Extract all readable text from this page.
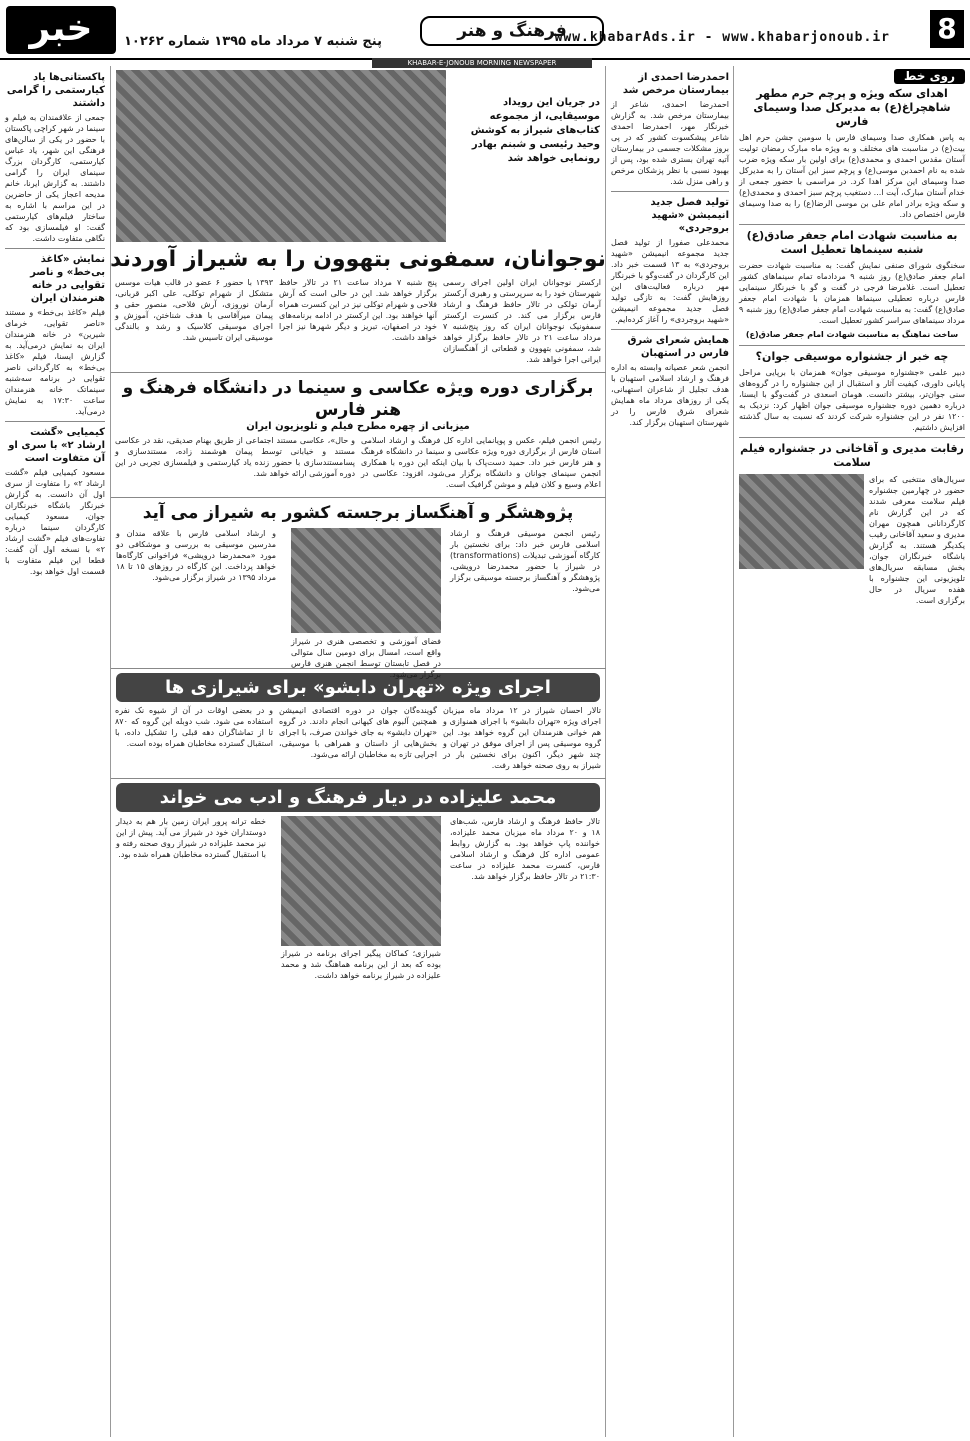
8
www.khabarAds.ir - www.khabarjonoub.ir
فرهنگ و هنر
پنج شنبه ۷ مرداد ماه ۱۳۹۵ شماره ۱۰۲۶۲
خبر
KHABAR-E-JONOUB MORNING NEWSPAPER
روی خط
اهدای سکه ویژه و پرچم حرم مطهر شاهچراغ(ع) به مدیرکل صدا وسیمای فارس
به پاس همکاری صدا وسیمای فارس با سومین جشن حرم اهل بیت(ع) در مناسبت های مختلف و به ویژه ماه مبارک رمضان تولیت آستان مقدس احمدی و محمدی(ع) برای اولین بار سکه ویژه ضرب شده به نام احمدبن موسی(ع) و پرچم سبز این آستان را به مدیرکل صدا وسیمای این مرکز اهدا کرد. در مراسمی با حضور جمعی از خدام آستان مبارک، آیت ا... دستغیب پرچم سبز احمدی و محمدی(ع) و سکه ویژه برادر امام علی بن موسی الرضا(ع) را به صدا وسیمای فارس اختصاص داد.
به مناسبت شهادت امام جعفر صادق(ع) شنبه سینماها تعطیل است
سخنگوی شورای صنفی نمایش گفت: به مناسبت شهادت حضرت امام جعفر صادق(ع) روز شنبه ۹ مردادماه تمام سینماهای کشور تعطیل است. غلامرضا فرجی در گفت و گو با خبرنگار سینمایی فارس درباره تعطیلی سینماها همزمان با شهادت امام جعفر صادق(ع) گفت: به مناسبت شهادت امام جعفر صادق(ع) روز شنبه ۹ مرداد سینماهای سراسر کشور تعطیل است.
ساخت نماهنگ به مناسبت شهادت امام جعفر صادق(ع)
چه خبر از جشنواره موسیقی جوان؟
دبیر علمی «جشنواره موسیقی جوان» همزمان با برپایی مراحل پایانی داوری، کیفیت آثار و استقبال از این جشنواره را در گروه‌های سنی جوان‌تر، بیشتر دانست. هومان اسعدی در گفت‌وگو با ایسنا، درباره دهمین دوره جشنواره موسیقی جوان اظهار کرد: نزدیک به ۱۲۰۰ نفر در این جشنواره شرکت کردند که نسبت به سال گذشته افزایش داشتیم.
رقابت مدیری و آقاخانی در جشنواره فیلم سلامت
سریال‌های منتخبی که برای حضور در چهارمین جشنواره فیلم سلامت معرفی شدند که در این گزارش نام کارگردانانی همچون مهران مدیری و سعید آقاخانی رقیب یکدیگر هستند. به گزارش باشگاه خبرنگاران جوان، بخش مسابقه سریال‌های تلویزیونی این جشنواره با هفده سریال در حال برگزاری است.
احمدرضا احمدی از بیمارستان مرخص شد
احمدرضا احمدی، شاعر از بیمارستان مرخص شد. به گزارش خبرنگار مهر، احمدرضا احمدی شاعر پیشکسوت کشور که در پی بروز مشکلات جسمی در بیمارستان آتیه تهران بستری شده بود، پس از بهبود نسبی با نظر پزشکان مرخص و راهی منزل شد.
تولید فصل جدید انیمیشن «شهید بروجردی»
محمدعلی صفورا از تولید فصل جدید مجموعه انیمیشن «شهید بروجردی» به ۱۳ قسمت خبر داد. این کارگردان در گفت‌وگو با خبرنگار مهر درباره فعالیت‌های این روزهایش گفت: به تازگی تولید فصل جدید مجموعه انیمیشن «شهید بروجردی» را آغاز کرده‌ایم.
همایش شعرای شرق فارس در استهبان
انجمن شعر عصیانه وابسته به اداره فرهنگ و ارشاد اسلامی استهبان با هدف تجلیل از شاعران استهبانی، یکی از روزهای مرداد ماه همایش شعرای شرق فارس را در شهرستان استهبان برگزار کند.
در جریان این رویداد موسیقایی، از مجموعه کتاب‌های شیراز به کوشش وحید رئیسی و شبنم بهادر رونمایی خواهد شد
نوجوانان، سمفونی بتهوون را به شیراز آوردند
ارکستر نوجوانان ایران اولین اجرای رسمی شهرستان خود را به سرپرستی و رهبری آرکستر آرمان تولکی در تالار حافظ فرهنگ و ارشاد فارس برگزار می کند. در کنسرت ارکستر سمفونیک نوجوانان ایران که روز پنج‌شنبه ۷ مرداد ساعت ۲۱ در تالار حافظ برگزار خواهد شد، سمفونی بتهوون و قطعاتی از آهنگسازان ایرانی اجرا خواهد شد.
پنج شنبه ۷ مرداد ساعت ۲۱ در تالار حافظ برگزار خواهد شد. این در حالی است که آرش فلاحی و شهرام توکلی نیز در این کنسرت همراه آنها خواهند بود. این ارکستر در ادامه برنامه‌های خود در اصفهان، تبریز و دیگر شهرها نیز اجرا خواهد داشت.
۱۳۹۳ با حضور ۶ عضو در قالب هیات موسس متشکل از شهرام توکلی، علی اکبر قربانی، آرمان نوروزی، آرش فلاحی، منصور حقی و پیمان میرآقاسی با هدف شناختن، آموزش و اجرای موسیقی کلاسیک و رشد و بالندگی موسیقی ایران تاسیس شد.
برگزاری دوره ویژه عکاسی و سینما در دانشگاه فرهنگ و هنر فارس
میزبانی از چهره مطرح فیلم و تلویزیون ایران
رئیس انجمن فیلم، عکس و پویانمایی اداره کل فرهنگ و ارشاد اسلامی استان فارس از برگزاری دوره ویژه عکاسی و سینما در دانشگاه فرهنگ و هنر فارس خبر داد. حمید دست‌پاک با بیان اینکه این دوره با همکاری انجمن سینمای جوانان و دانشگاه برگزار می‌شود، افزود: عکاسی در اعلام وسیع و کلان فیلم و موشن گرافیک است.
و حال»، عکاسی مستند اجتماعی از طریق بهنام صدیقی، نقد در عکاسی مستند و خیابانی توسط پیمان هوشمند زاده، مستندسازی و پسامستندسازی با حضور زنده یاد کیارستمی و فیلمسازی تجربی در این دوره آموزشی ارائه خواهد شد.
پژوهشگر و آهنگساز برجسته کشور به شیراز می آید
رئیس انجمن موسیقی فرهنگ و ارشاد اسلامی فارس خبر داد: برای نخستین بار کارگاه آموزشی تبدیلات (transformations) در شیراز با حضور محمدرضا درویشی، پژوهشگر و آهنگساز برجسته موسیقی برگزار می‌شود.
فضای آموزشی و تخصصی هنری در شیراز واقع است، امسال برای دومین سال متوالی در فصل تابستان توسط انجمن هنری فارس برگزار می‌شود.
و ارشاد اسلامی فارس با علاقه مندان و مدرسین موسیقی به بررسی و موشکافی دو مورد «محمدرضا درویشی» فراخوانی کارگاه‌ها خواهد پرداخت. این کارگاه در روزهای ۱۵ تا ۱۸ مرداد ۱۳۹۵ در شیراز برگزار می‌شود.
اجرای ویژه «تهران دابشو» برای شیرازی ها
تالار احسان شیراز در ۱۲ مرداد ماه میزبان اجرای ویژه «تهران دابشو» با اجرای همنوازی و هم خوانی هنرمندان این گروه خواهد بود. این گروه موسیقی پس از اجرای موفق در تهران و چند شهر دیگر، اکنون برای نخستین بار در شیراز به روی صحنه خواهد رفت.
گوینده‌گان جوان در دوره اقتصادی انیمیشن همچنین آلبوم های کیهانی انجام دادند. در گروه «تهران دابشو» به جای خواندن صرف، با اجرای بخش‌هایی از داستان و همراهی با موسیقی، اجرایی تازه به مخاطبان ارائه می‌شود.
و در بعضی اوقات در آن از شیوه نک نفره استفاده می شود. شب دوبله این گروه که ۸۷۰ تا از تماشاگران دهه قبلی را تشکیل داده، با استقبال گسترده مخاطبان همراه بوده است.
محمد علیزاده در دیار فرهنگ و ادب می خواند
تالار حافظ فرهنگ و ارشاد فارس، شب‌های ۱۸ و ۲۰ مرداد ماه میزبان محمد علیزاده، خواننده پاپ خواهد بود. به گزارش روابط عمومی اداره کل فرهنگ و ارشاد اسلامی فارس، کنسرت محمد علیزاده در ساعت ۲۱:۳۰ در تالار حافظ برگزار خواهد شد.
شیرازی؛ کماکان پیگیر اجرای برنامه در شیراز بوده که بعد از این برنامه هماهنگ شد و محمد علیزاده در شیراز برنامه خواهد داشت.
خطه ترانه پرور ایران زمین بار هم به دیدار دوستداران خود در شیراز می آید. پیش از این نیز محمد علیزاده در شیراز روی صحنه رفته و با استقبال گسترده مخاطبان همراه شده بود.
پاکستانی‌ها یاد کیارستمی را گرامی داشتند
جمعی از علاقمندان به فیلم و سینما در شهر کراچی پاکستان با حضور در یکی از سالن‌های فرهنگی این شهر، یاد عباس کیارستمی، کارگردان بزرگ سینمای ایران را گرامی داشتند. به گزارش ایرنا، خانم مدیحه اعجاز یکی از حاضرین در این مراسم با اشاره به ساختار فیلم‌های کیارستمی گفت: او فیلمسازی بود که نگاهی متفاوت داشت.
نمایش «کاغذ بی‌خط» و ناصر تقوایی در خانه هنرمندان ایران
فیلم «کاغذ بی‌خط» و مستند «ناصر تقوایی، خرمای شیرین» در خانه هنرمندان ایران به نمایش درمی‌آید. به گزارش ایسنا، فیلم «کاغذ بی‌خط» به کارگردانی ناصر تقوایی در برنامه سه‌شنبه سینماتک خانه هنرمندان ساعت ۱۷:۳۰ به نمایش درمی‌آید.
کیمیایی «گشت ارشاد ۲» با سری او آن متفاوت است
مسعود کیمیایی فیلم «گشت ارشاد ۲» را متفاوت از سری اول آن دانست. به گزارش خبرنگار باشگاه خبرنگاران جوان، مسعود کیمیایی کارگردان سینما درباره تفاوت‌های فیلم «گشت ارشاد ۲» با نسخه اول آن گفت: قطعا این فیلم متفاوت با قسمت اول خواهد بود.
